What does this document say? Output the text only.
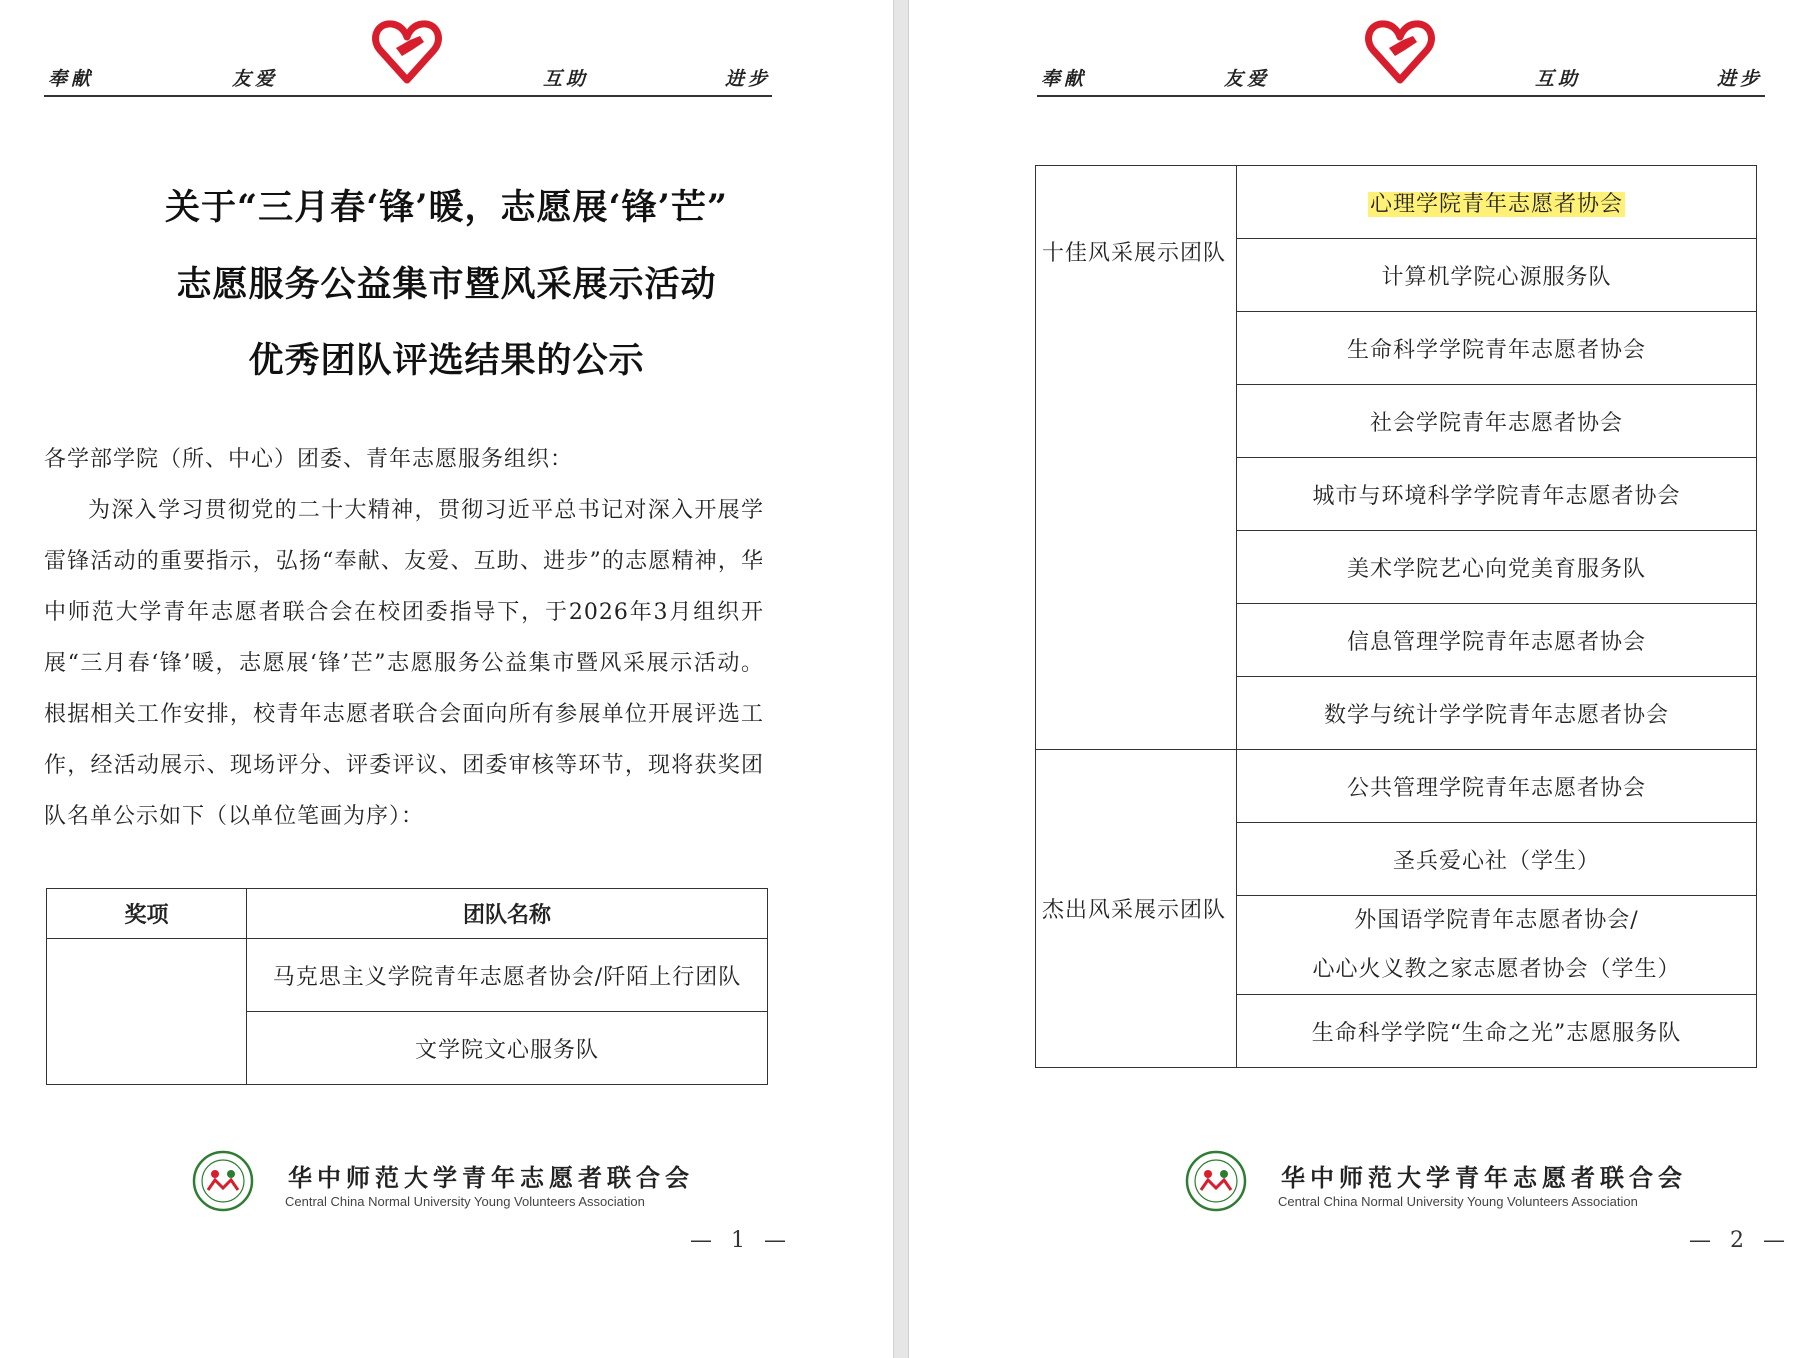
奉献	友爱	互助	进步
关于“三月春‘锋’暖，志愿展‘锋’芒”
志愿服务公益集市暨风采展示活动
优秀团队评选结果的公示
各学部学院（所、中心）团委、青年志愿服务组织：

为深入学习贯彻党的二十大精神，贯彻习近平总书记对深入开展学雷锋活动的重要指示，弘扬“奉献、友爱、互助、进步”的志愿精神，华中师范大学青年志愿者联合会在校团委指导下，于2026年3月组织开展“三月春‘锋’暖，志愿展‘锋’芒”志愿服务公益集市暨风采展示活动。根据相关工作安排，校青年志愿者联合会面向所有参展单位开展评选工作，经活动展示、现场评分、评委评议、团委审核等环节，现将获奖团队名单公示如下（以单位笔画为序）：

奖项	团队名称
	马克思主义学院青年志愿者协会/阡陌上行团队
	文学院文心服务队
华中师范大学青年志愿者联合会
Central China Normal University Young Volunteers Association
— 1 —
奉献	友爱	互助	进步
— 2 —
华中师范大学青年志愿者联合会
Central China Normal University Young Volunteers Association
十佳风采展示团队	心理学院青年志愿者协会
	计算机学院心源服务队
	生命科学学院青年志愿者协会
	社会学院青年志愿者协会
	城市与环境科学学院青年志愿者协会
	美术学院艺心向党美育服务队
	信息管理学院青年志愿者协会
	数学与统计学学院青年志愿者协会
杰出风采展示团队	公共管理学院青年志愿者协会
	圣兵爱心社（学生）

	外国语学院青年志愿者协会/
心心火义教之家志愿者协会（学生）

	生命科学学院“生命之光”志愿服务队
